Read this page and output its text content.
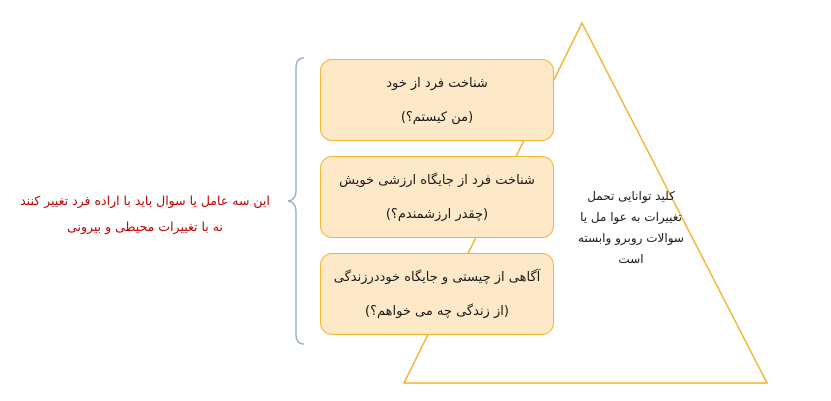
شناخت فرد از خود
(من کیستم؟)
شناخت فرد از جایگاه ارزشی خویش
(چقدر ارزشمندم؟)
آگاهی از چیستی و جایگاه خوددرزندگی
(از زندگی چه می خواهم؟)
کلید توانایی تحمل
تغییرات به عوا مل یا
سوالات روبرو وابسته
است
این سه عامل یا سوال باید با اراده فرد تغییر کنند
نه با تغییرات محیطی و بیرونی
